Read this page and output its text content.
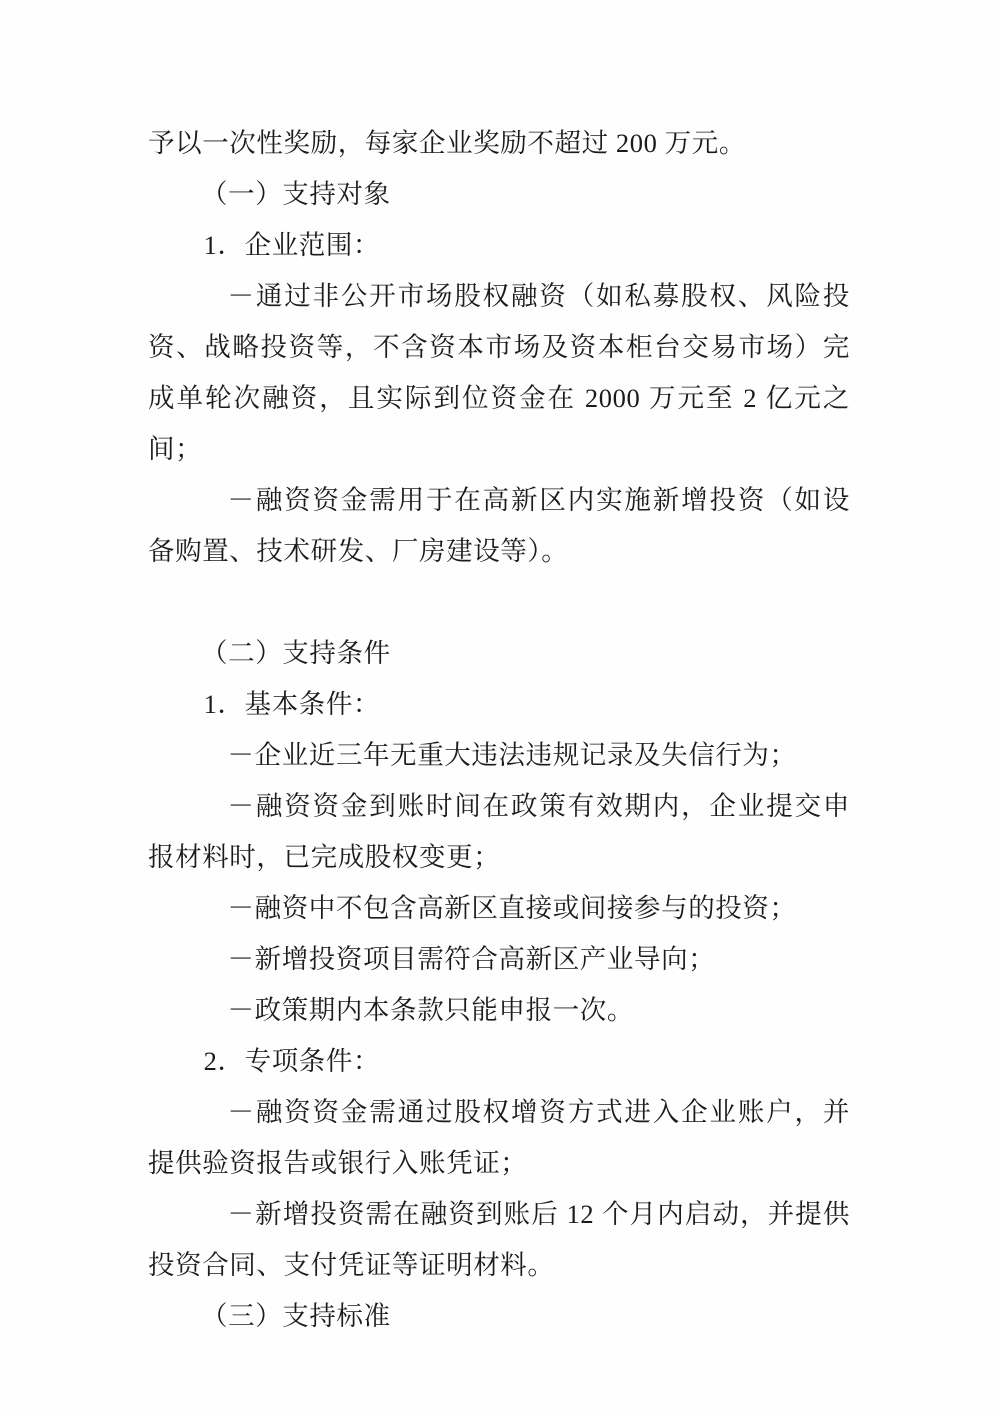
予以一次性奖励，每家企业奖励不超过 200 万元。

（一）支持对象

1．企业范围：

－通过非公开市场股权融资（如私募股权、风险投资、战略投资等，不含资本市场及资本柜台交易市场）完成单轮次融资，且实际到位资金在 2000 万元至 2 亿元之间；

－融资资金需用于在高新区内实施新增投资（如设备购置、技术研发、厂房建设等）。

（二）支持条件

1．基本条件：

－企业近三年无重大违法违规记录及失信行为；

－融资资金到账时间在政策有效期内，企业提交申报材料时，已完成股权变更；

－融资中不包含高新区直接或间接参与的投资；

－新增投资项目需符合高新区产业导向；

－政策期内本条款只能申报一次。

2．专项条件：

－融资资金需通过股权增资方式进入企业账户，并提供验资报告或银行入账凭证；

－新增投资需在融资到账后 12 个月内启动，并提供投资合同、支付凭证等证明材料。

（三）支持标准
